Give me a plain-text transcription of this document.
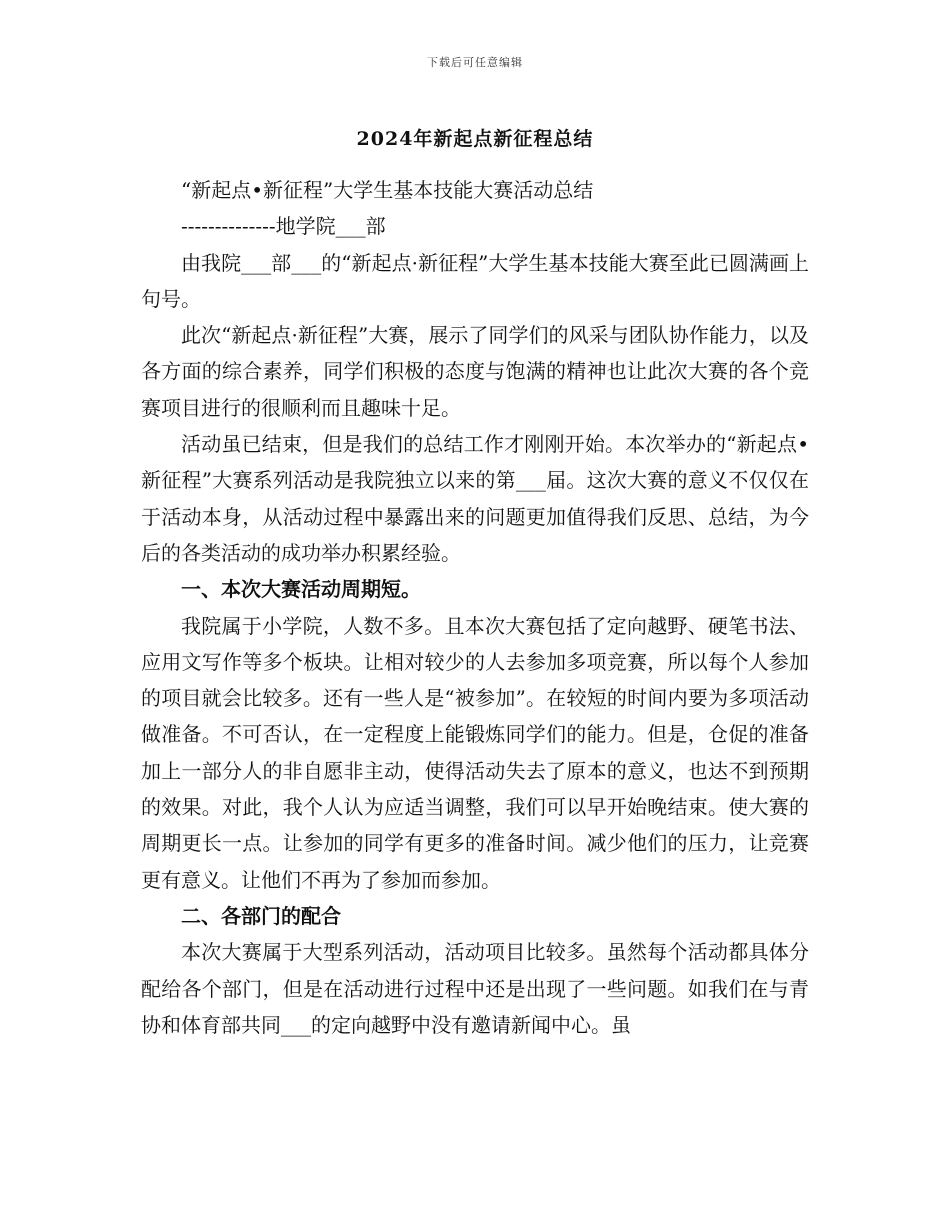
下载后可任意编辑
2024年新起点新征程总结

“新起点•新征程”大学生基本技能大赛活动总结

--------------地学院___部

由我院___部___的“新起点·新征程”大学生基本技能大赛至此已圆满画上句号。

此次“新起点·新征程”大赛，展示了同学们的风采与团队协作能力，以及各方面的综合素养，同学们积极的态度与饱满的精神也让此次大赛的各个竞赛项目进行的很顺利而且趣味十足。

活动虽已结束，但是我们的总结工作才刚刚开始。本次举办的“新起点•新征程”大赛系列活动是我院独立以来的第___届。这次大赛的意义不仅仅在于活动本身，从活动过程中暴露出来的问题更加值得我们反思、总结，为今后的各类活动的成功举办积累经验。

一、本次大赛活动周期短。

我院属于小学院，人数不多。且本次大赛包括了定向越野、硬笔书法、应用文写作等多个板块。让相对较少的人去参加多项竞赛，所以每个人参加的项目就会比较多。还有一些人是“被参加”。在较短的时间内要为多项活动做准备。不可否认，在一定程度上能锻炼同学们的能力。但是，仓促的准备加上一部分人的非自愿非主动，使得活动失去了原本的意义，也达不到预期的效果。对此，我个人认为应适当调整，我们可以早开始晚结束。使大赛的周期更长一点。让参加的同学有更多的准备时间。减少他们的压力，让竞赛更有意义。让他们不再为了参加而参加。

二、各部门的配合

本次大赛属于大型系列活动，活动项目比较多。虽然每个活动都具体分配给各个部门，但是在活动进行过程中还是出现了一些问题。如我们在与青协和体育部共同___的定向越野中没有邀请新闻中心。虽
